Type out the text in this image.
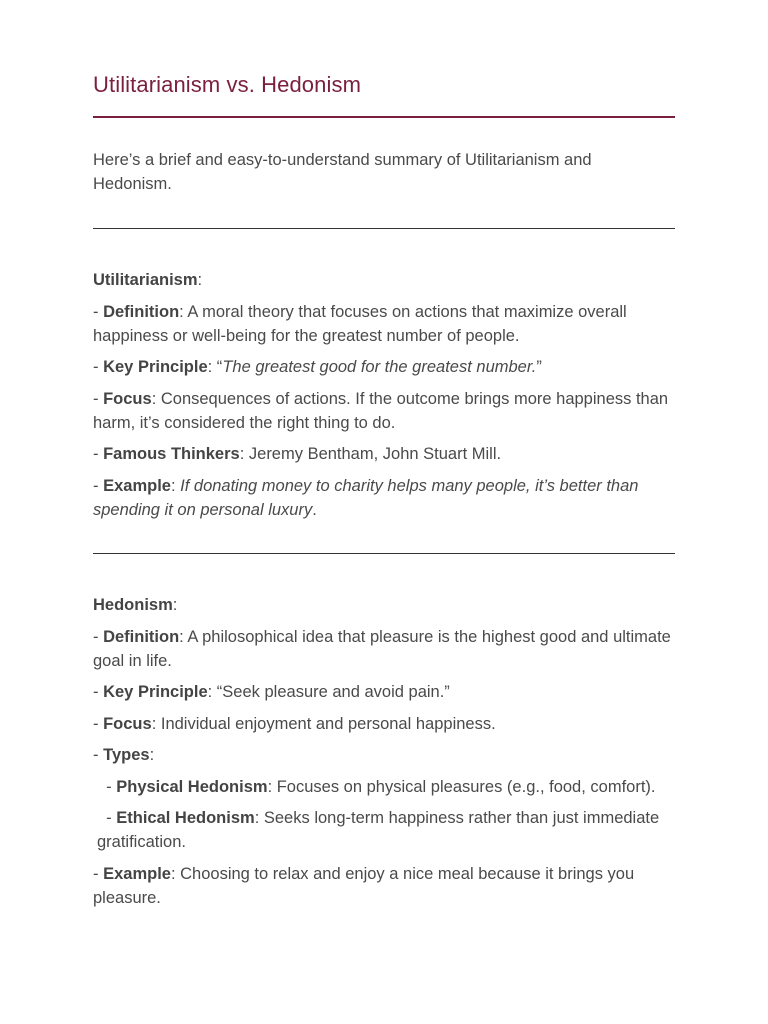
Utilitarianism vs. Hedonism

Here’s a brief and easy-to-understand summary of Utilitarianism and Hedonism.

Utilitarianism:

- Definition: A moral theory that focuses on actions that maximize overall happiness or well-being for the greatest number of people.

- Key Principle: “The greatest good for the greatest number.”

- Focus: Consequences of actions. If the outcome brings more happiness than harm, it’s considered the right thing to do.

- Famous Thinkers: Jeremy Bentham, John Stuart Mill.

- Example: If donating money to charity helps many people, it’s better than spending it on personal luxury.

Hedonism:

- Definition: A philosophical idea that pleasure is the highest good and ultimate goal in life.

- Key Principle: “Seek pleasure and avoid pain.”

- Focus: Individual enjoyment and personal happiness.

- Types:

- Physical Hedonism: Focuses on physical pleasures (e.g., food, comfort).

- Ethical Hedonism: Seeks long-term happiness rather than just immediate gratification.

- Example: Choosing to relax and enjoy a nice meal because it brings you pleasure.
